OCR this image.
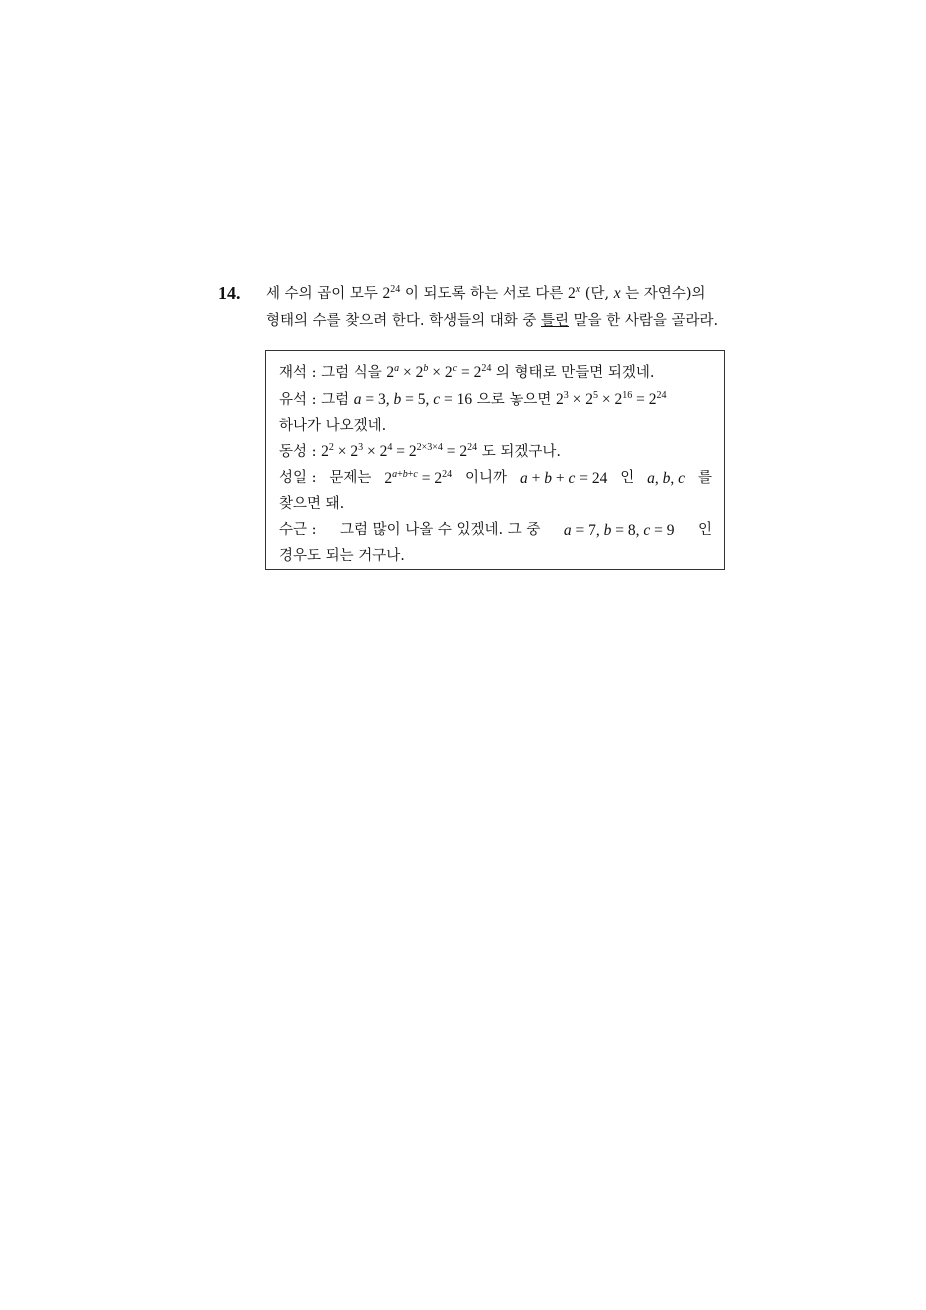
14. 세 수의 곱이 모두 $2^{24}$ 이 되도록 하는 서로 다른 2$^x$ (단, x 는 자연수)의
형태의 수를 찾으려 한다. 학생들의 대화 중 틀린 말을 한 사람을 골라라.
재석 : 그럼 식을 $2^a \times 2^b \times 2^c = 2^{24}$ 의 형태로 만들면 되겠네.
유석 : 그럼 a = 3, b = 5, c = 16 으로 놓으면 $2^3 \times 2^5 \times 2^{16} = 2^{24}$
하나가 나오겠네.
동성 : $2^2 \times 2^3 \times 2^4 = 2^{2\times 3\times 4} = 2^{24}$ 도 되겠구나.
성일 : 문제는 $2^{a+b+c} = 2^{24}$ 이니까 a + b + c = 24 인 a, b, c 를
찾으면 돼.
수근 : 그럼 많이 나올 수 있겠네. 그 중 a = 7, b = 8, c = 9 인
경우도 되는 거구나.
